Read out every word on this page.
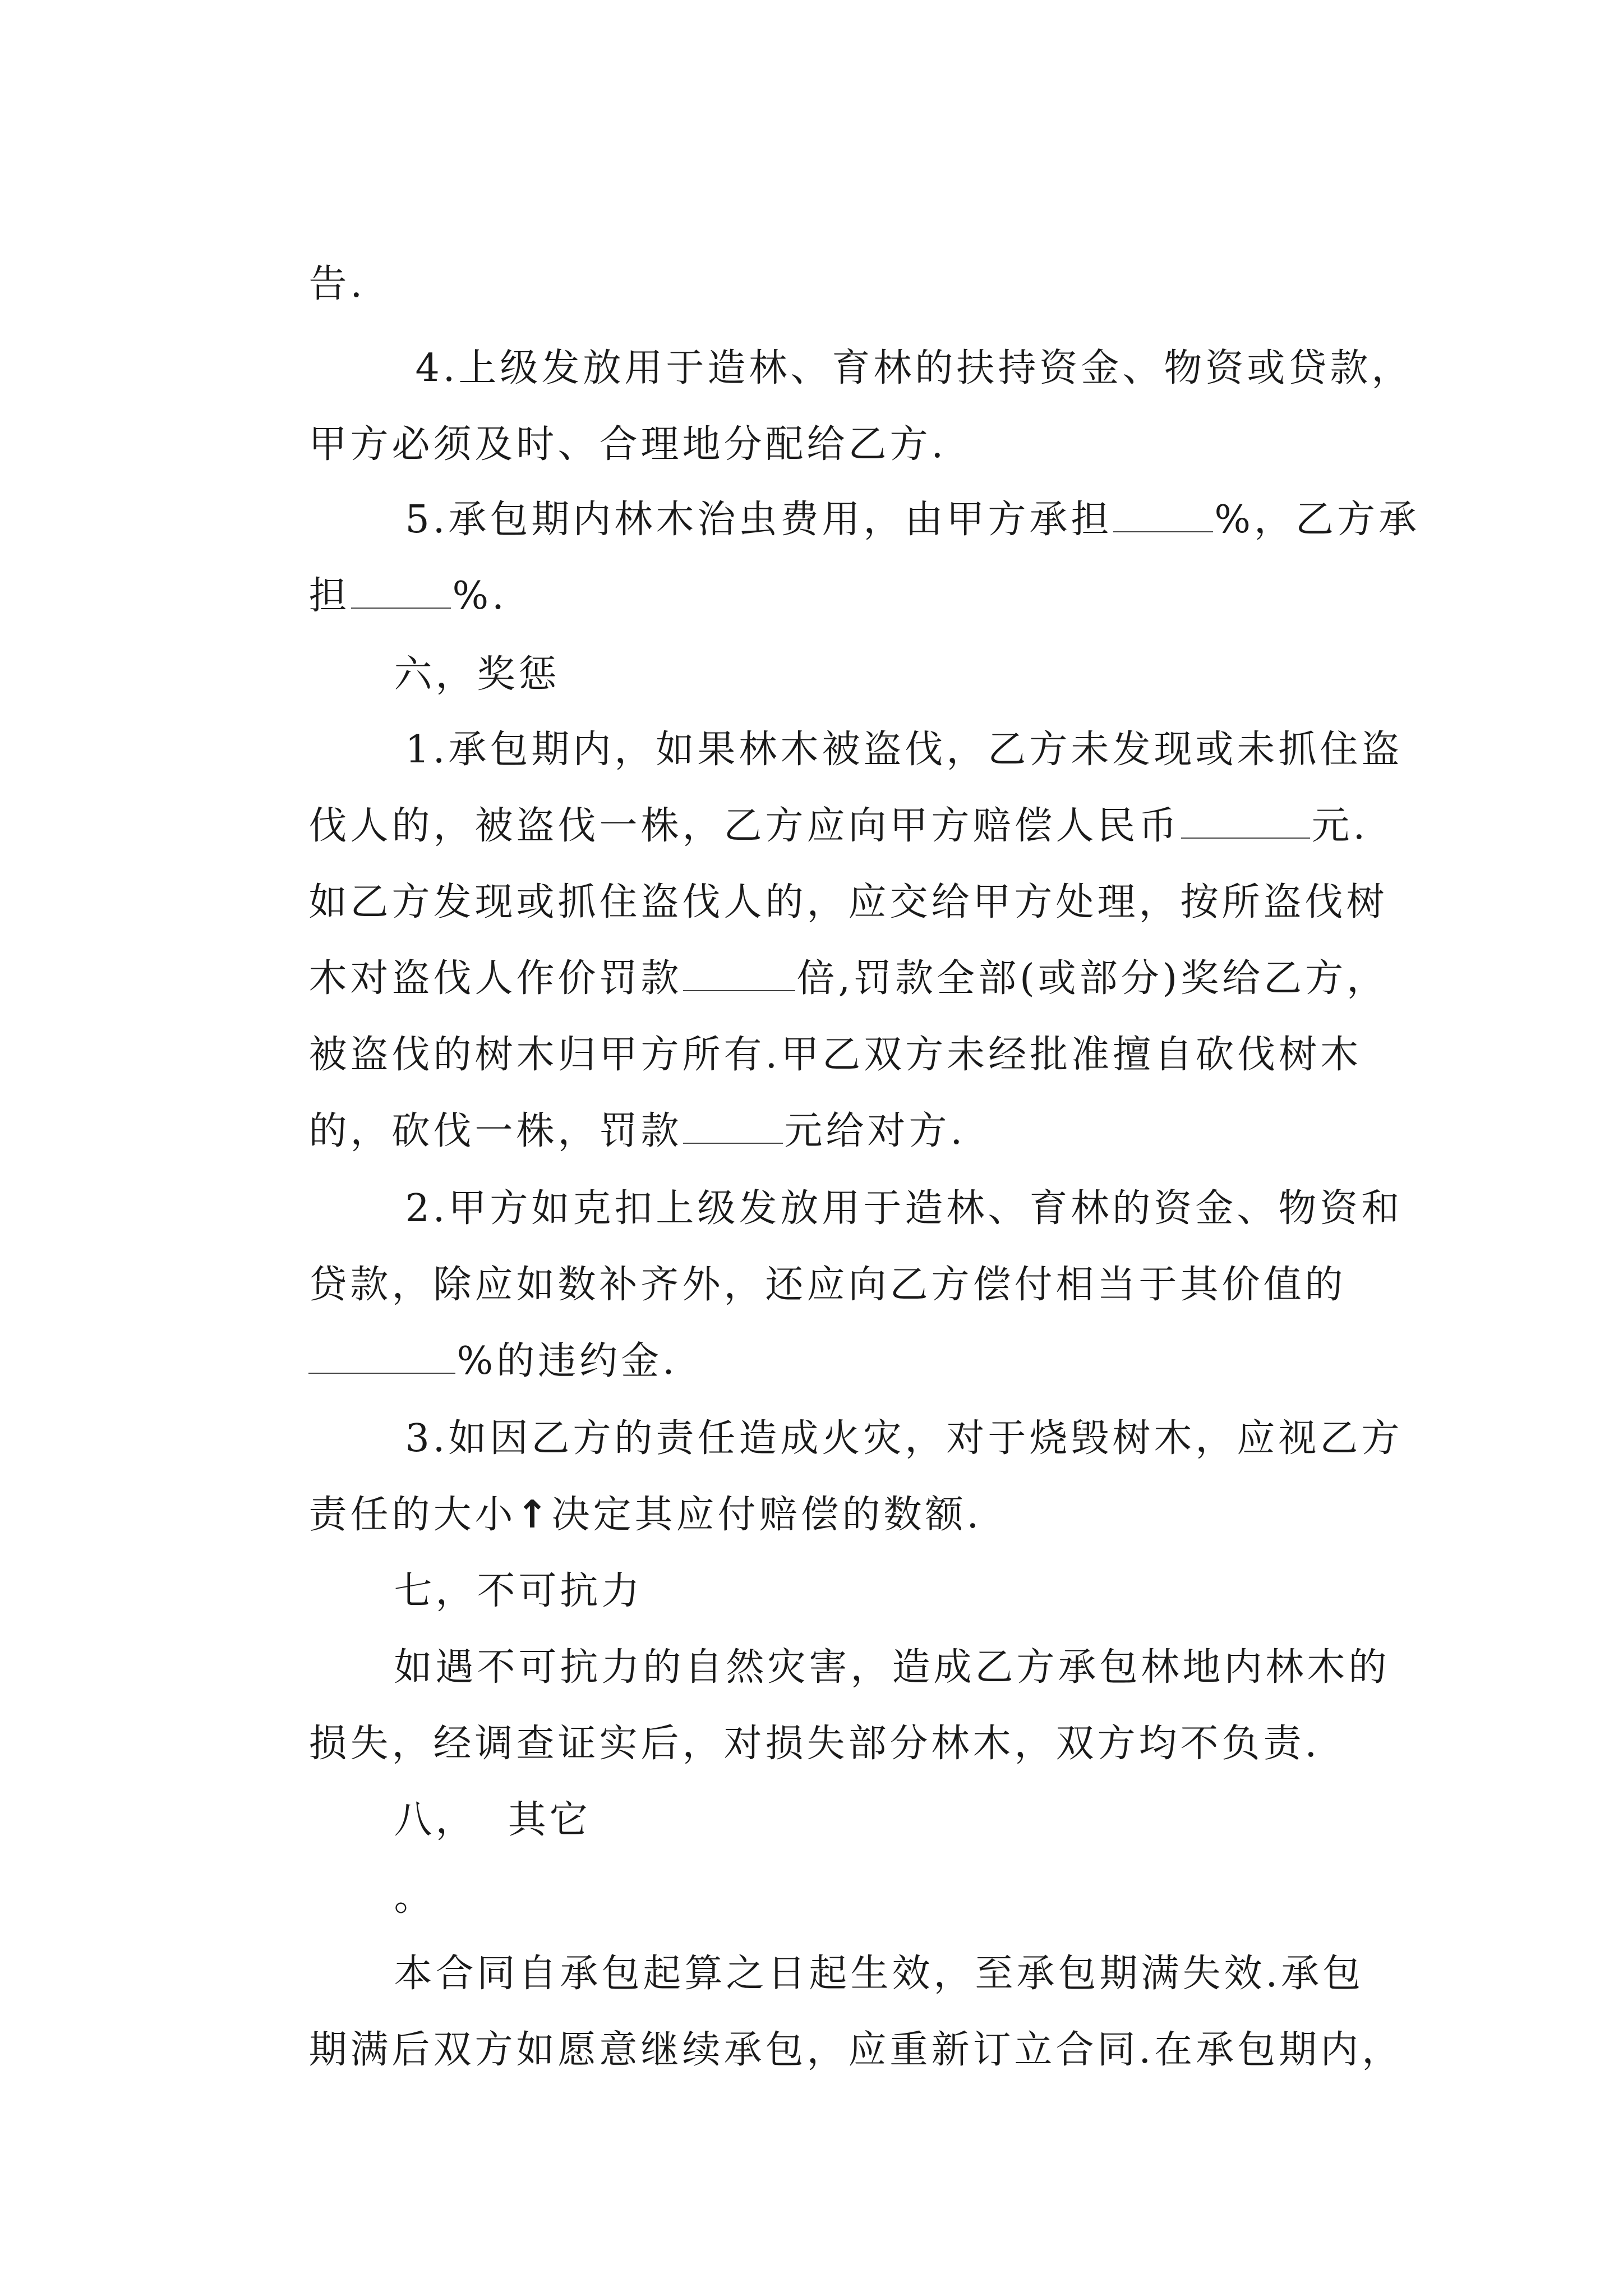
告.

4.上级发放用于造林、育林的扶持资金、物资或贷款，

甲方必须及时、合理地分配给乙方.

5.承包期内林木治虫费用，由甲方承担	%，乙方承

担	%.

六，奖惩

1.承包期内，如果林木被盗伐，乙方未发现或未抓住盗

伐人的，被盗伐一株，乙方应向甲方赔偿人民币	元.

如乙方发现或抓住盗伐人的，应交给甲方处理，按所盗伐树

木对盗伐人作价罚款	倍,罚款全部(或部分)奖给乙方，

被盗伐的树木归甲方所有.甲乙双方未经批准擅自砍伐树木

的，砍伐一株，罚款	元给对方.

2.甲方如克扣上级发放用于造林、育林的资金、物资和

贷款，除应如数补齐外，还应向乙方偿付相当于其价值的

%的违约金.

3.如因乙方的责任造成火灾，对于烧毁树木，应视乙方

责任的大小↑决定其应付赔偿的数额.

七，不可抗力

如遇不可抗力的自然灾害，造成乙方承包林地内林木的

损失，经调查证实后，对损失部分林木，双方均不负责.

八，  其它

。

本合同自承包起算之日起生效，至承包期满失效.承包

期满后双方如愿意继续承包，应重新订立合同.在承包期内，
